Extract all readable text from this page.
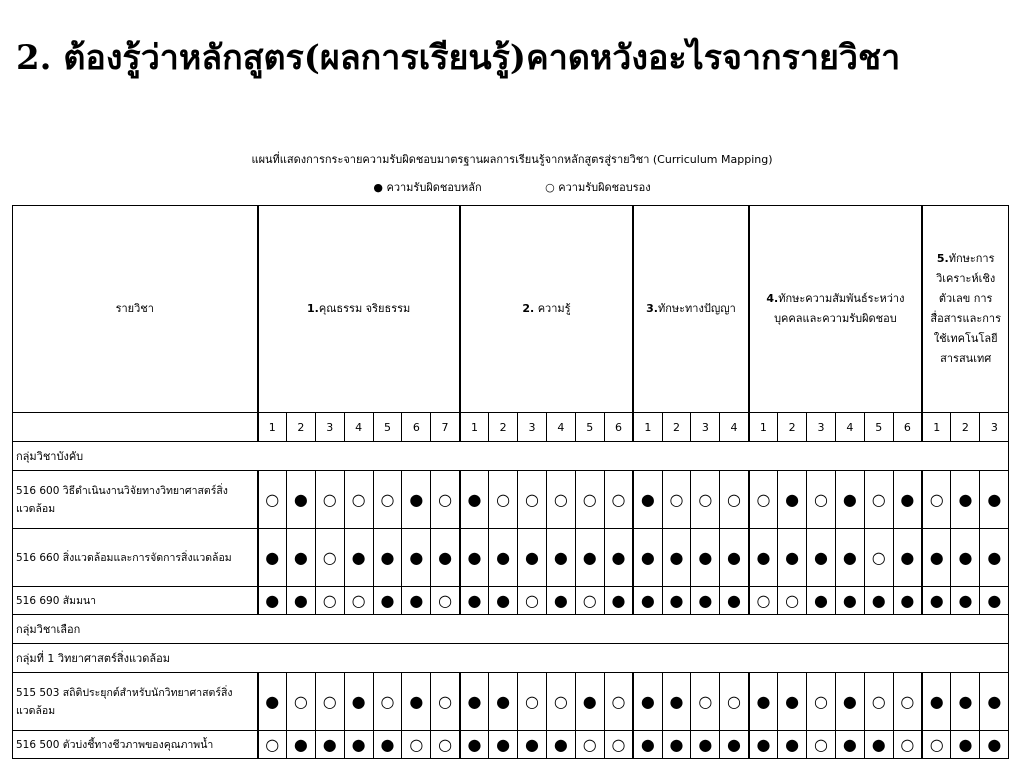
2. ต้องรู้ว่าหลักสูตร(ผลการเรียนรู้)คาดหวังอะไรจากรายวิชา
แผนที่แสดงการกระจายความรับผิดชอบมาตรฐานผลการเรียนรู้จากหลักสูตรสู่รายวิชา (Curriculum Mapping)
● ความรับผิดชอบหลัก	○ ความรับผิดชอบรอง
รายวิชา	1.คุณธรรม จริยธรรม							2. ความรู้						3.ทักษะทางปัญญา				4.ทักษะความสัมพันธ์ระหว่างบุคคลและความรับผิดชอบ						5.ทักษะการวิเคราะห์เชิงตัวเลข การสื่อสารและการใช้เทคโนโลยีสารสนเทศ		

	1	2	3	4	5	6	7	1	2	3	4	5	6	1	2	3	4	1	2	3	4	5	6	1	2	3
กลุ่มวิชาบังคับ																										
516 600 วิธีดำเนินงานวิจัยทางวิทยาศาสตร์สิ่งแวดล้อม	○	●	○	○	○	●	○	●	○	○	○	○	○	●	○	○	○	○	●	○	●	○	●	○	●	●
516 660 สิ่งแวดล้อมและการจัดการสิ่งแวดล้อม	●	●	○	●	●	●	●	●	●	●	●	●	●	●	●	●	●	●	●	●	●	○	●	●	●	●
516 690 สัมมนา	●	●	○	○	●	●	○	●	●	○	●	○	●	●	●	●	●	○	○	●	●	●	●	●	●	●
กลุ่มวิชาเลือก																										
กลุ่มที่ 1 วิทยาศาสตร์สิ่งแวดล้อม																										
515 503 สถิติประยุกต์สำหรับนักวิทยาศาสตร์สิ่งแวดล้อม	●	○	○	●	○	●	○	●	●	○	○	●	○	●	●	○	○	●	●	○	●	○	○	●	●	●
516 500 ตัวบ่งชี้ทางชีวภาพของคุณภาพน้ำ	○	●	●	●	●	○	○	●	●	●	●	○	○	●	●	●	●	●	●	○	●	●	○	○	●	●
